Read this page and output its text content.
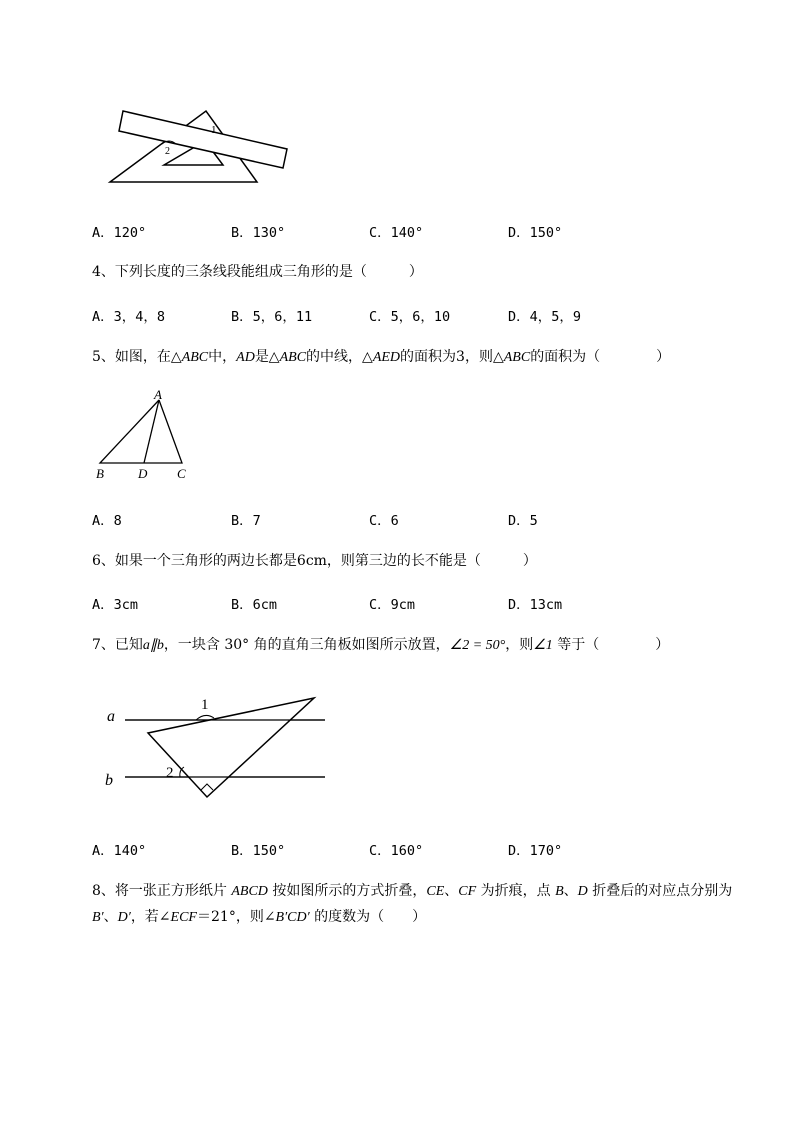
1
2
A．120°	B．130°	C．140°	D．150°
4、下列长度的三条线段能组成三角形的是（　　　）
A．3，4，8	B．5，6，11	C．5，6，10	D．4，5，9
5、如图，在△ABC中，AD是△ABC的中线，△AED的面积为3，则△ABC的面积为（　　　　）
A
B	D C
A．8	B．7	C．6	D．5
6、如果一个三角形的两边长都是6cm，则第三边的长不能是（　　　）
A．3cm	B．6cm	C．9cm	D．13cm
7、已知a∥b，一块含 30° 角的直角三角板如图所示放置，∠2 = 50°，则∠1 等于（　　　　）
a
b
1
2
A．140°	B．150°	C．160°	D．170°
8、将一张正方形纸片 ABCD 按如图所示的方式折叠，CE、CF 为折痕，点 B、D 折叠后的对应点分别为
B′、D′，若∠ECF＝21°，则∠B′CD′ 的度数为（　　）
